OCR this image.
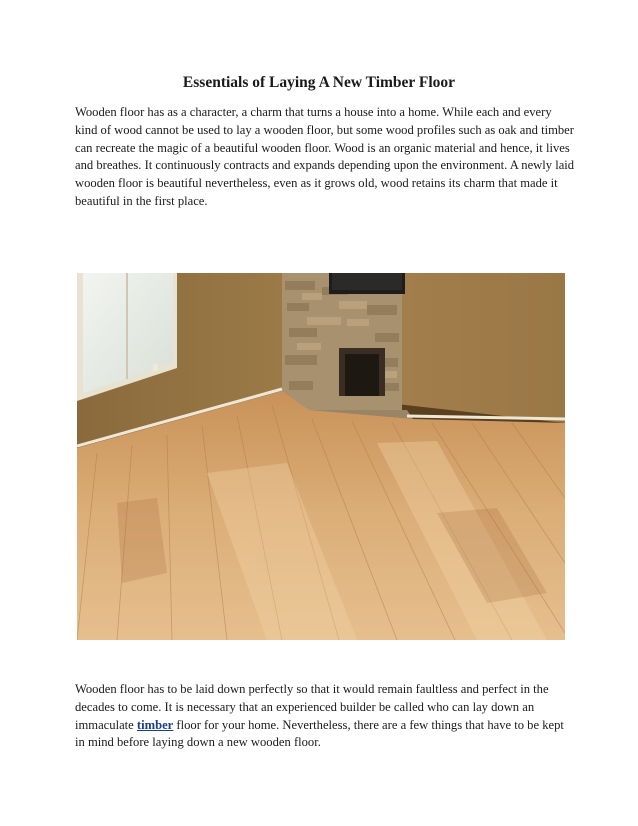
Essentials of Laying A New Timber Floor

Wooden floor has as a character, a charm that turns a house into a home. While each and every kind of wood cannot be used to lay a wooden floor, but some wood profiles such as oak and timber can recreate the magic of a beautiful wooden floor. Wood is an organic material and hence, it lives and breathes. It continuously contracts and expands depending upon the environment. A newly laid wooden floor is beautiful nevertheless, even as it grows old, wood retains its charm that made it beautiful in the first place.

Wooden floor has to be laid down perfectly so that it would remain faultless and perfect in the decades to come. It is necessary that an experienced builder be called who can lay down an immaculate timber floor for your home. Nevertheless, there are a few things that have to be kept in mind before laying down a new wooden floor.
